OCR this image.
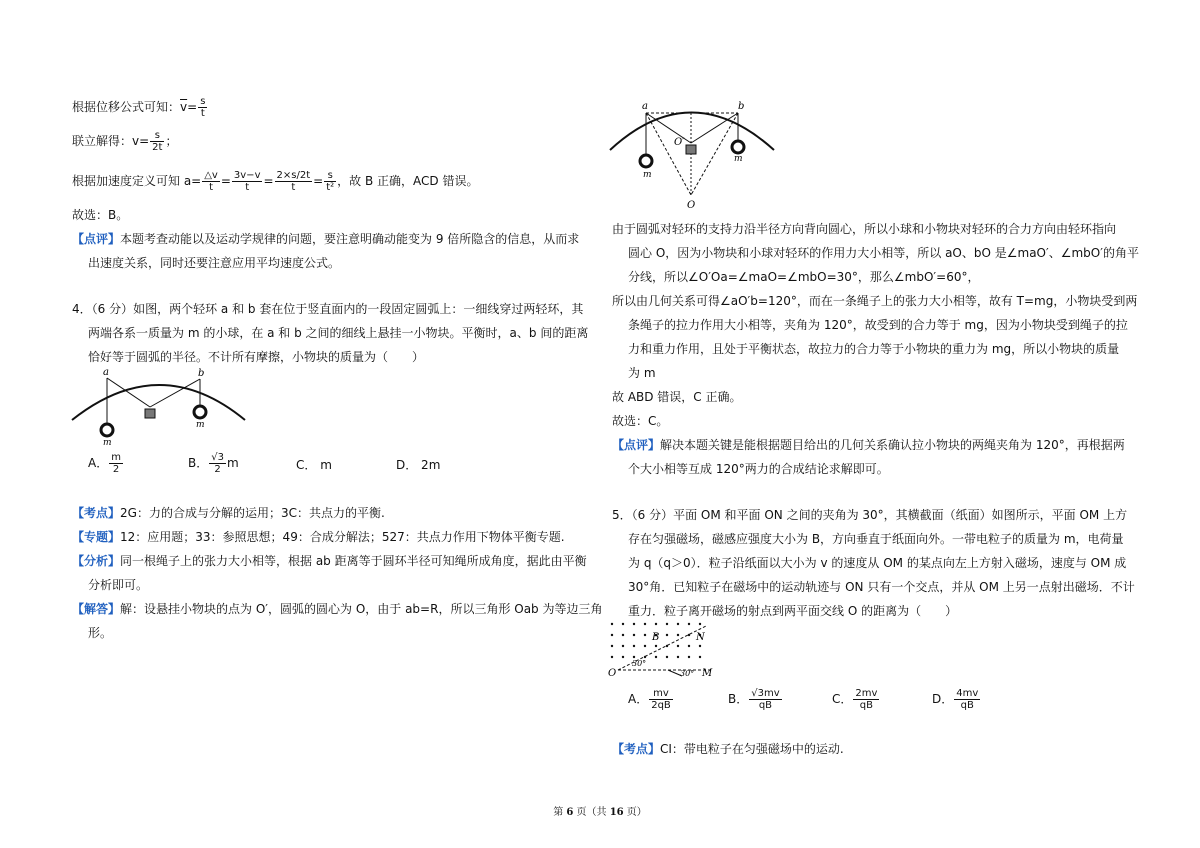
根据位移公式可知：$\overline{v}= \frac{s}{t}$
联立解得：$v= \frac{s}{2t}$ ；
根据加速度定义可知 $a= \frac{\triangle v}{t} = \frac{3v-v}{t} = \frac{2\times s/2t}{t} = \frac{s}{\text{t²}}$ ，故 B 正确，ACD 错误。
故选：B。
【点评】本题考查动能以及运动学规律的问题，要注意明确动能变为 9 倍所隐含的信息，从而求
出速度关系，同时还要注意应用平均速度公式。
4．（6 分）如图，两个轻环 a 和 b 套在位于竖直面内的一段固定圆弧上：一细线穿过两轻环，其
两端各系一质量为 m 的小球，在 a 和 b 之间的细线上悬挂一小物块。平衡时，a、b 间的距离
恰好等于圆弧的半径。不计所有摩擦，小物块的质量为（　　）
a	b
m
m
A． $\frac{m}{2}$	B． $\frac{√3}{2}$ m	C． m	D． 2m
【考点】2G：力的合成与分解的运用；3C：共点力的平衡.
【专题】12：应用题；33：参照思想；49：合成分解法；527：共点力作用下物体平衡专题.
【分析】同一根绳子上的张力大小相等，根据 ab 距离等于圆环半径可知绳所成角度，据此由平衡
分析即可。
【解答】解：设悬挂小物块的点为 O′，圆弧的圆心为 O，由于 ab=R，所以三角形 Oab 为等边三角
形。
a	b
O′
O
m
m
由于圆弧对轻环的支持力沿半径方向背向圆心，所以小球和小物块对轻环的合力方向由轻环指向
圆心 O，因为小物块和小球对轻环的作用力大小相等，所以 aO、bO 是∠maO′、∠mbO′的角平
分线，所以∠O′Oa=∠maO=∠mbO=30°，那么∠mbO′=60°，
所以由几何关系可得∠aO′b=120°，而在一条绳子上的张力大小相等，故有 T=mg，小物块受到两
条绳子的拉力作用大小相等，夹角为 120°，故受到的合力等于 mg，因为小物块受到绳子的拉
力和重力作用，且处于平衡状态，故拉力的合力等于小物块的重力为 mg，所以小物块的质量
为 m
故 ABD 错误，C 正确。
故选：C。
【点评】解决本题关键是能根据题目给出的几何关系确认拉小物块的两绳夹角为 120°，再根据两
个大小相等互成 120°两力的合成结论求解即可。
5．（6 分）平面 OM 和平面 ON 之间的夹角为 30°，其横截面（纸面）如图所示，平面 OM 上方
存在匀强磁场，磁感应强度大小为 B，方向垂直于纸面向外。一带电粒子的质量为 m，电荷量
为 q（q＞0）．粒子沿纸面以大小为 v 的速度从 OM 的某点向左上方射入磁场，速度与 OM 成
30°角．已知粒子在磁场中的运动轨迹与 ON 只有一个交点，并从 OM 上另一点射出磁场．不计
重力．粒子离开磁场的射点到两平面交线 O 的距离为（　　）
O	M
B	N
30°
30°
A． $\frac{mv}{2qB}$	B． $\frac{√3mv}{qB}$	C． $\frac{2mv}{qB}$	D． $\frac{4mv}{qB}$
【考点】CI：带电粒子在匀强磁场中的运动.
第 6 页（共 16 页）
